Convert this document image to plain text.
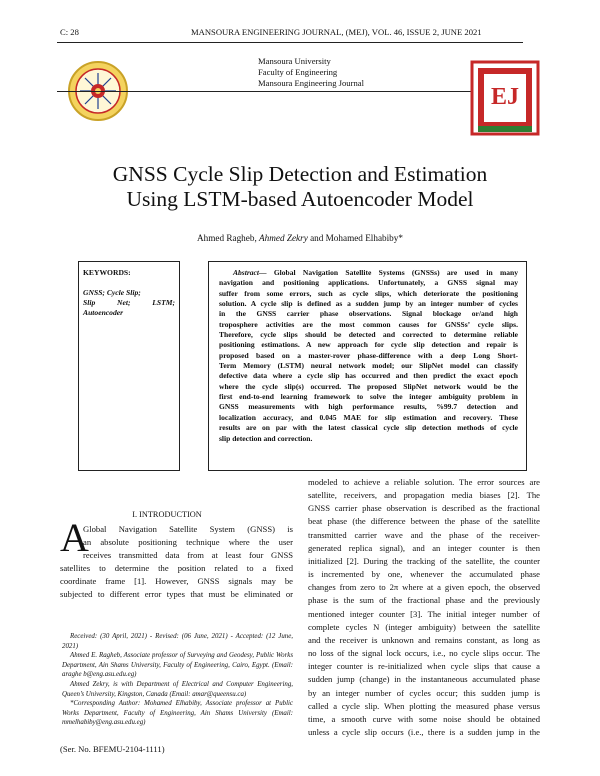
C: 28	MANSOURA ENGINEERING JOURNAL, (MEJ), VOL. 46, ISSUE 2, JUNE 2021
Mansoura University
Faculty of Engineering
Mansoura Engineering Journal
EJ
GNSS Cycle Slip Detection and Estimation
Using LSTM-based Autoencoder Model
Ahmed Ragheb, Ahmed Zekry and Mohamed Elhabiby*
KEYWORDS:
GNSS; Cycle Slip;
Slip	Net;	LSTM;
Autoencoder
Abstract— Global Navigation Satellite Systems (GNSSs) are used in many
navigation and positioning applications. Unfortunately, a GNSS signal may
suffer from some errors, such as cycle slips, which deteriorate the positioning
solution. A cycle slip is defined as a sudden jump by an integer number of cycles
in the GNSS carrier phase observations. Signal blockage or/and high
troposphere activities are the most common causes for GNSSs’ cycle slips.
Therefore, cycle slips should be detected and corrected to determine reliable
positioning estimations. A new approach for cycle slip detection and repair is
proposed based on a master-rover phase-difference with a deep Long Short-
Term Memory (LSTM) neural network model; our SlipNet model can classify
defective data where a cycle slip has occurred and then predict the exact epoch
where the cycle slip(s) occurred. The proposed SlipNet network would be the
first end-to-end learning framework to solve the integer ambiguity problem in
GNSS measurements with high performance results, %99.7 detection and
localization accuracy, and 0.045 MAE for slip estimation and recovery. These
results are on par with the latest classical cycle slip detection methods of cycle
slip detection and correction.
I. INTRODUCTION
A
Global Navigation Satellite System (GNSS) is
an absolute positioning technique where the user
receives transmitted data from at least four GNSS
satellites to determine the position related to a fixed
coordinate frame [1]. However, GNSS signals may be
subjected to different error types that must be eliminated or
Received: (30 April, 2021) - Revised: (06 June, 2021) - Accepted: (12 June, 2021)
Ahmed E. Ragheb, Associate professor of Surveying and Geodesy, Public Works Department, Ain Shams University, Faculty of Engineering, Cairo, Egypt. (Email: araghe b@eng.asu.edu.eg)
Ahmed Zekry, is with Department of Electrical and Computer Engineering, Queen’s University, Kingston, Canada (Email: amar@queensu.ca)
*Corresponding Author: Mohamed Elhabiby, Associate professor at Public Works Department, Faculty of Engineering, Ain Shams University (Email: mmelhabiby@eng.asu.edu.eg)
modeled to achieve a reliable solution. The error sources are
satellite, receivers, and propagation media biases [2]. The
GNSS carrier phase observation is described as the fractional
beat phase (the difference between the phase of the satellite
transmitted carrier wave and the phase of the receiver-
generated replica signal), and an integer counter is then
initialized [2]. During the tracking of the satellite, the counter
is incremented by one, whenever the accumulated phase
changes from zero to 2π where at a given epoch, the observed
phase is the sum of the fractional phase and the previously
mentioned integer counter [3]. The initial integer number of
complete cycles N (integer ambiguity) between the satellite
and the receiver is unknown and remains constant, as long as
no loss of the signal lock occurs, i.e., no cycle slips occur. The
integer counter is re-initialized when cycle slips that cause a
sudden jump (change) in the instantaneous accumulated phase
by an integer number of cycles occur; this sudden jump is
called a cycle slip. When plotting the measured phase versus
time, a smooth curve with some noise should be obtained
unless a cycle slip occurs (i.e., there is a sudden jump in the
(Ser. No. BFEMU-2104-1111)
